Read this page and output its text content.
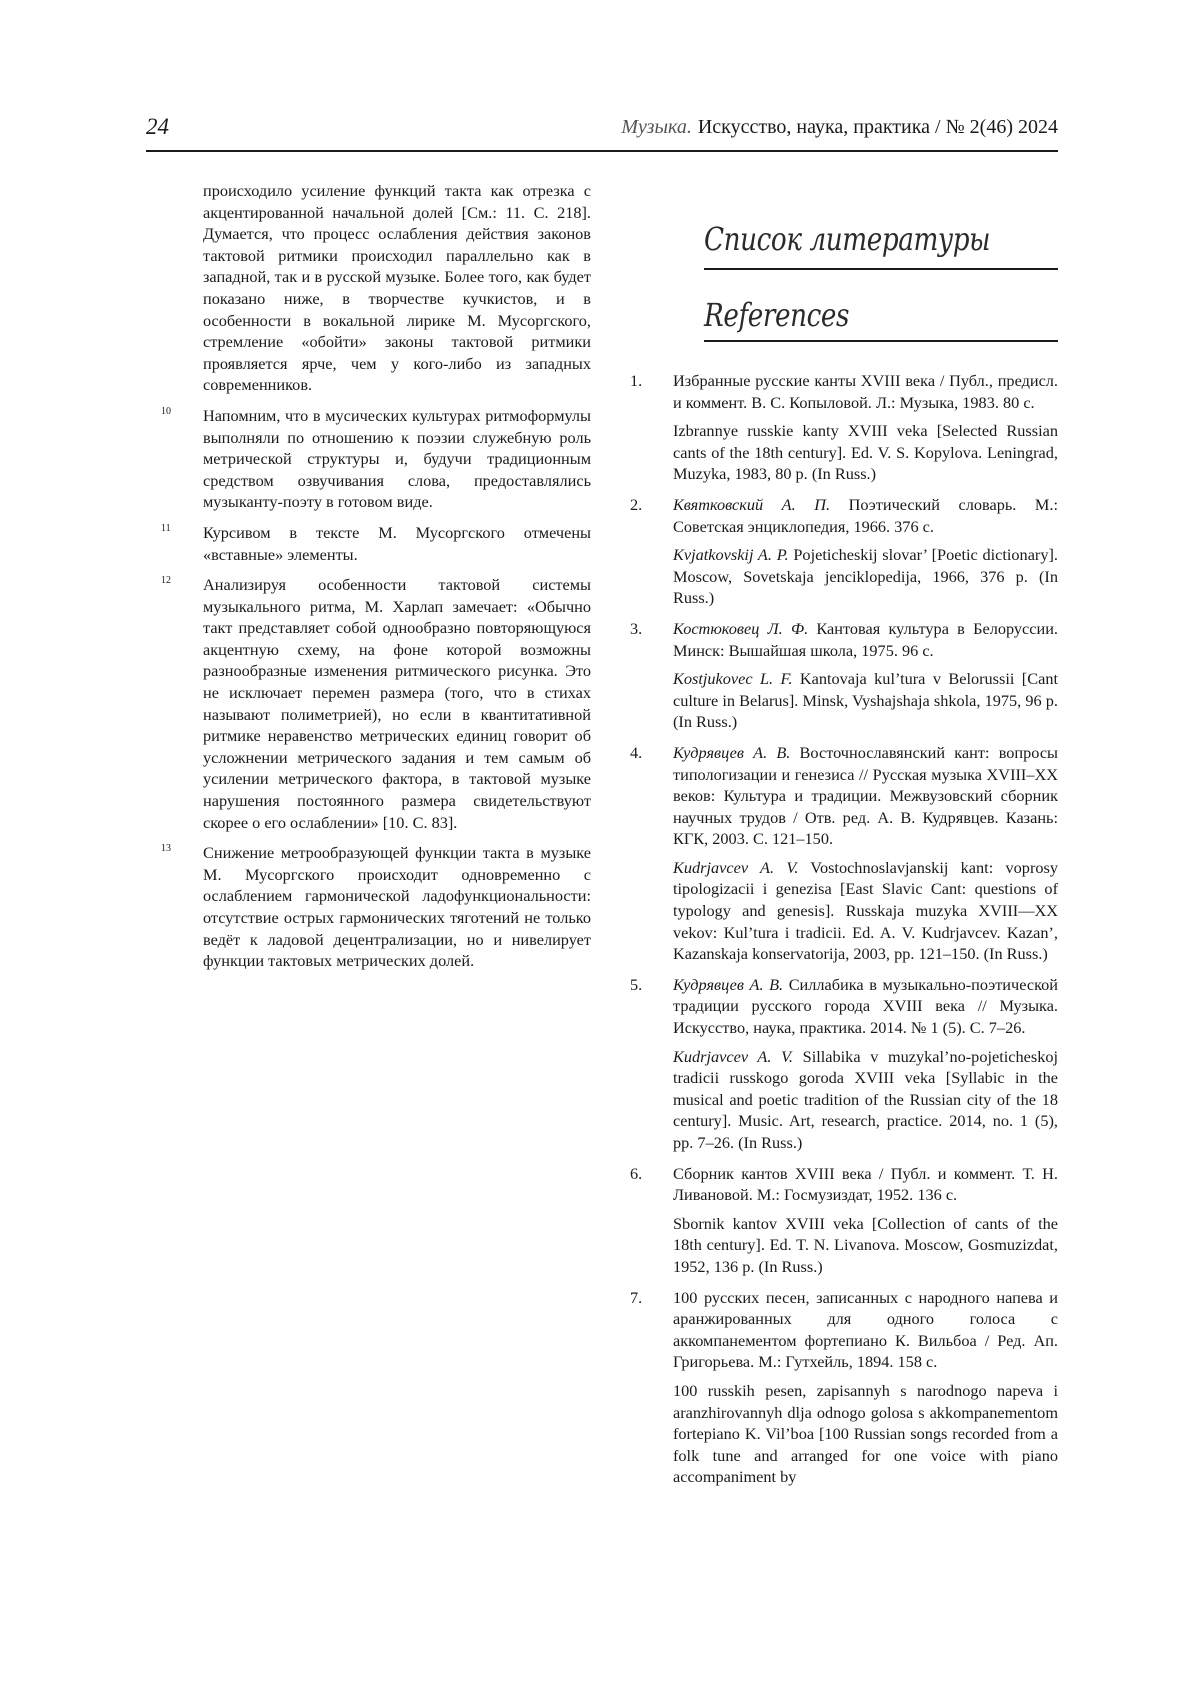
24	Музыка. Искусство, наука, практика / № 2(46) 2024

происходило усиление функций такта как отрезка с акцентированной начальной долей [См.: 11. С. 218]. Думается, что процесс ослабления действия законов тактовой ритмики происходил параллельно как в западной, так и в русской музыке. Более того, как будет показано ниже, в творчестве кучкистов, и в особенности в вокальной лирике М. Мусоргского, стремление «обойти» законы тактовой ритмики проявляется ярче, чем у кого-либо из западных современников.

10 Напомним, что в мусических культурах ритмоформулы выполняли по отношению к поэзии служебную роль метрической структуры и, будучи традиционным средством озвучивания слова, предоставлялись музыканту-поэту в готовом виде.

11 Курсивом в тексте М. Мусоргского отмечены «вставные» элементы.

12 Анализируя особенности тактовой системы музыкального ритма, М. Харлап замечает: «Обычно такт представляет собой однообразно повторяющуюся акцентную схему, на фоне которой возможны разнообразные изменения ритмического рисунка. Это не исключает перемен размера (того, что в стихах называют полиметрией), но если в квантитативной ритмике неравенство метрических единиц говорит об усложнении метрического задания и тем самым об усилении метрического фактора, в тактовой музыке нарушения постоянного размера свидетельствуют скорее о его ослаблении» [10. С. 83].

13 Снижение метрообразующей функции такта в музыке М. Мусоргского происходит одновременно с ослаблением гармонической ладофункциональности: отсутствие острых гармонических тяготений не только ведёт к ладовой децентрализации, но и нивелирует функции тактовых метрических долей.

Список литературы
References
1. Избранные русские канты XVIII века / Публ., предисл. и коммент. В. С. Копыловой. Л.: Музыка, 1983. 80 с.

Izbrannye russkie kanty XVIII veka [Selected Russian cants of the 18th century]. Ed. V. S. Kopylova. Leningrad, Muzyka, 1983, 80 p. (In Russ.)

2. Квятковский А. П. Поэтический словарь. М.: Советская энциклопедия, 1966. 376 с.

Kvjatkovskij A. P. Pojeticheskij slovar’ [Poetic dictionary]. Moscow, Sovetskaja jenciklopedija, 1966, 376 p. (In Russ.)

3. Костюковец Л. Ф. Кантовая культура в Белоруссии. Минск: Вышайшая школа, 1975. 96 с.

Kostjukovec L. F. Kantovaja kul’tura v Belorussii [Cant culture in Belarus]. Minsk, Vyshajshaja shkola, 1975, 96 p. (In Russ.)

4. Кудрявцев А. В. Восточнославянский кант: вопросы типологизации и генезиса // Русская музыка XVIII–XX веков: Культура и традиции. Межвузовский сборник научных трудов / Отв. ред. А. В. Кудрявцев. Казань: КГК, 2003. С. 121–150.

Kudrjavcev A. V. Vostochnoslavjanskij kant: voprosy tipologizacii i genezisa [East Slavic Cant: questions of typology and genesis]. Russkaja muzyka XVIII—XX vekov: Kul’tura i tradicii. Ed. A. V. Kudrjavcev. Kazan’, Kazanskaja konservatorija, 2003, pp. 121–150. (In Russ.)

5. Кудрявцев А. В. Силлабика в музыкально-поэтической традиции русского города XVIII века // Музыка. Искусство, наука, практика. 2014. № 1 (5). С. 7–26.

Kudrjavcev A. V. Sillabika v muzykal’no-pojeticheskoj tradicii russkogo goroda XVIII veka [Syllabic in the musical and poetic tradition of the Russian city of the 18 century]. Music. Art, research, practice. 2014, no. 1 (5), pp. 7–26. (In Russ.)

6. Сборник кантов XVIII века / Публ. и коммент. Т. Н. Ливановой. М.: Госмузиздат, 1952. 136 с.

Sbornik kantov XVIII veka [Collection of cants of the 18th century]. Ed. T. N. Livanova. Moscow, Gosmuzizdat, 1952, 136 p. (In Russ.)

7. 100 русских песен, записанных с народного напева и аранжированных для одного голоса с аккомпанементом фортепиано К. Вильбоа / Ред. Ап. Григорьева. М.: Гутхейль, 1894. 158 с.

100 russkih pesen, zapisannyh s narodnogo napeva i aranzhirovannyh dlja odnogo golosa s akkompanementom fortepiano K. Vil’boa [100 Russian songs recorded from a folk tune and arranged for one voice with piano accompaniment by
